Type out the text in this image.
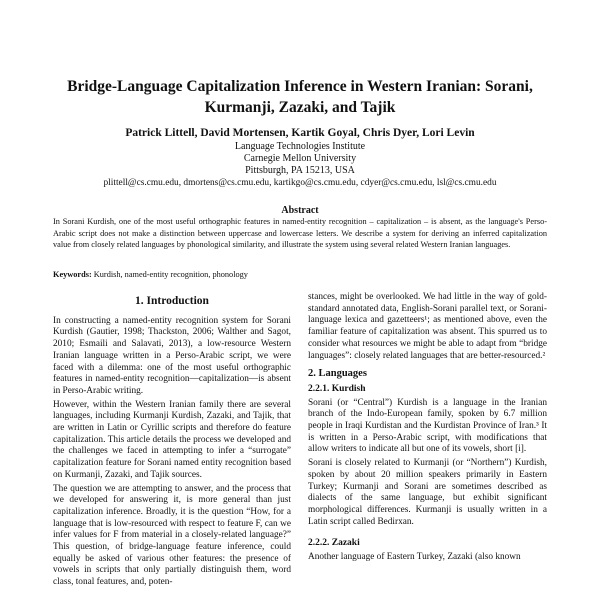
Bridge-Language Capitalization Inference in Western Iranian: Sorani,
Kurmanji, Zazaki, and Tajik
Patrick Littell, David Mortensen, Kartik Goyal, Chris Dyer, Lori Levin
Language Technologies Institute
Carnegie Mellon University
Pittsburgh, PA 15213, USA
plittell@cs.cmu.edu, dmortens@cs.cmu.edu, kartikgo@cs.cmu.edu, cdyer@cs.cmu.edu, lsl@cs.cmu.edu
Abstract
In Sorani Kurdish, one of the most useful orthographic features in named-entity recognition – capitalization – is absent, as the language's Perso-Arabic script does not make a distinction between uppercase and lowercase letters. We describe a system for deriving an inferred capitalization value from closely related languages by phonological similarity, and illustrate the system using several related Western Iranian languages.
Keywords: Kurdish, named-entity recognition, phonology
1. Introduction

In constructing a named-entity recognition system for Sorani Kurdish (Gautier, 1998; Thackston, 2006; Walther and Sagot, 2010; Esmaili and Salavati, 2013), a low-resource Western Iranian language written in a Perso-Arabic script, we were faced with a dilemma: one of the most useful orthographic features in named-entity recognition—capitalization—is absent in Perso-Arabic writing.

However, within the Western Iranian family there are several languages, including Kurmanji Kurdish, Zazaki, and Tajik, that are written in Latin or Cyrillic scripts and therefore do feature capitalization. This article details the process we developed and the challenges we faced in attempting to infer a “surrogate” capitalization feature for Sorani named entity recognition based on Kurmanji, Zazaki, and Tajik sources.

The question we are attempting to answer, and the process that we developed for answering it, is more general than just capitalization inference. Broadly, it is the question “How, for a language that is low-resourced with respect to feature F, can we infer values for F from material in a closely-related language?” This question, of bridge-language feature inference, could equally be asked of various other features: the presence of vowels in scripts that only partially distinguish them, word class, tonal features, and, poten-

stances, might be overlooked. We had little in the way of gold-standard annotated data, English-Sorani parallel text, or Sorani-language lexica and gazetteers¹; as mentioned above, even the familiar feature of capitalization was absent. This spurred us to consider what resources we might be able to adapt from “bridge languages”: closely related languages that are better-resourced.²

2. Languages
2.2.1. Kurdish

Sorani (or “Central”) Kurdish is a language in the Iranian branch of the Indo-European family, spoken by 6.7 million people in Iraqi Kurdistan and the Kurdistan Province of Iran.³ It is written in a Perso-Arabic script, with modifications that allow writers to indicate all but one of its vowels, short [i].

Sorani is closely related to Kurmanji (or “Northern”) Kurdish, spoken by about 20 million speakers primarily in Eastern Turkey; Kurmanji and Sorani are sometimes described as dialects of the same language, but exhibit significant morphological differences. Kurmanji is usually written in a Latin script called Bedirxan.

2.2.2. Zazaki

Another language of Eastern Turkey, Zazaki (also known
